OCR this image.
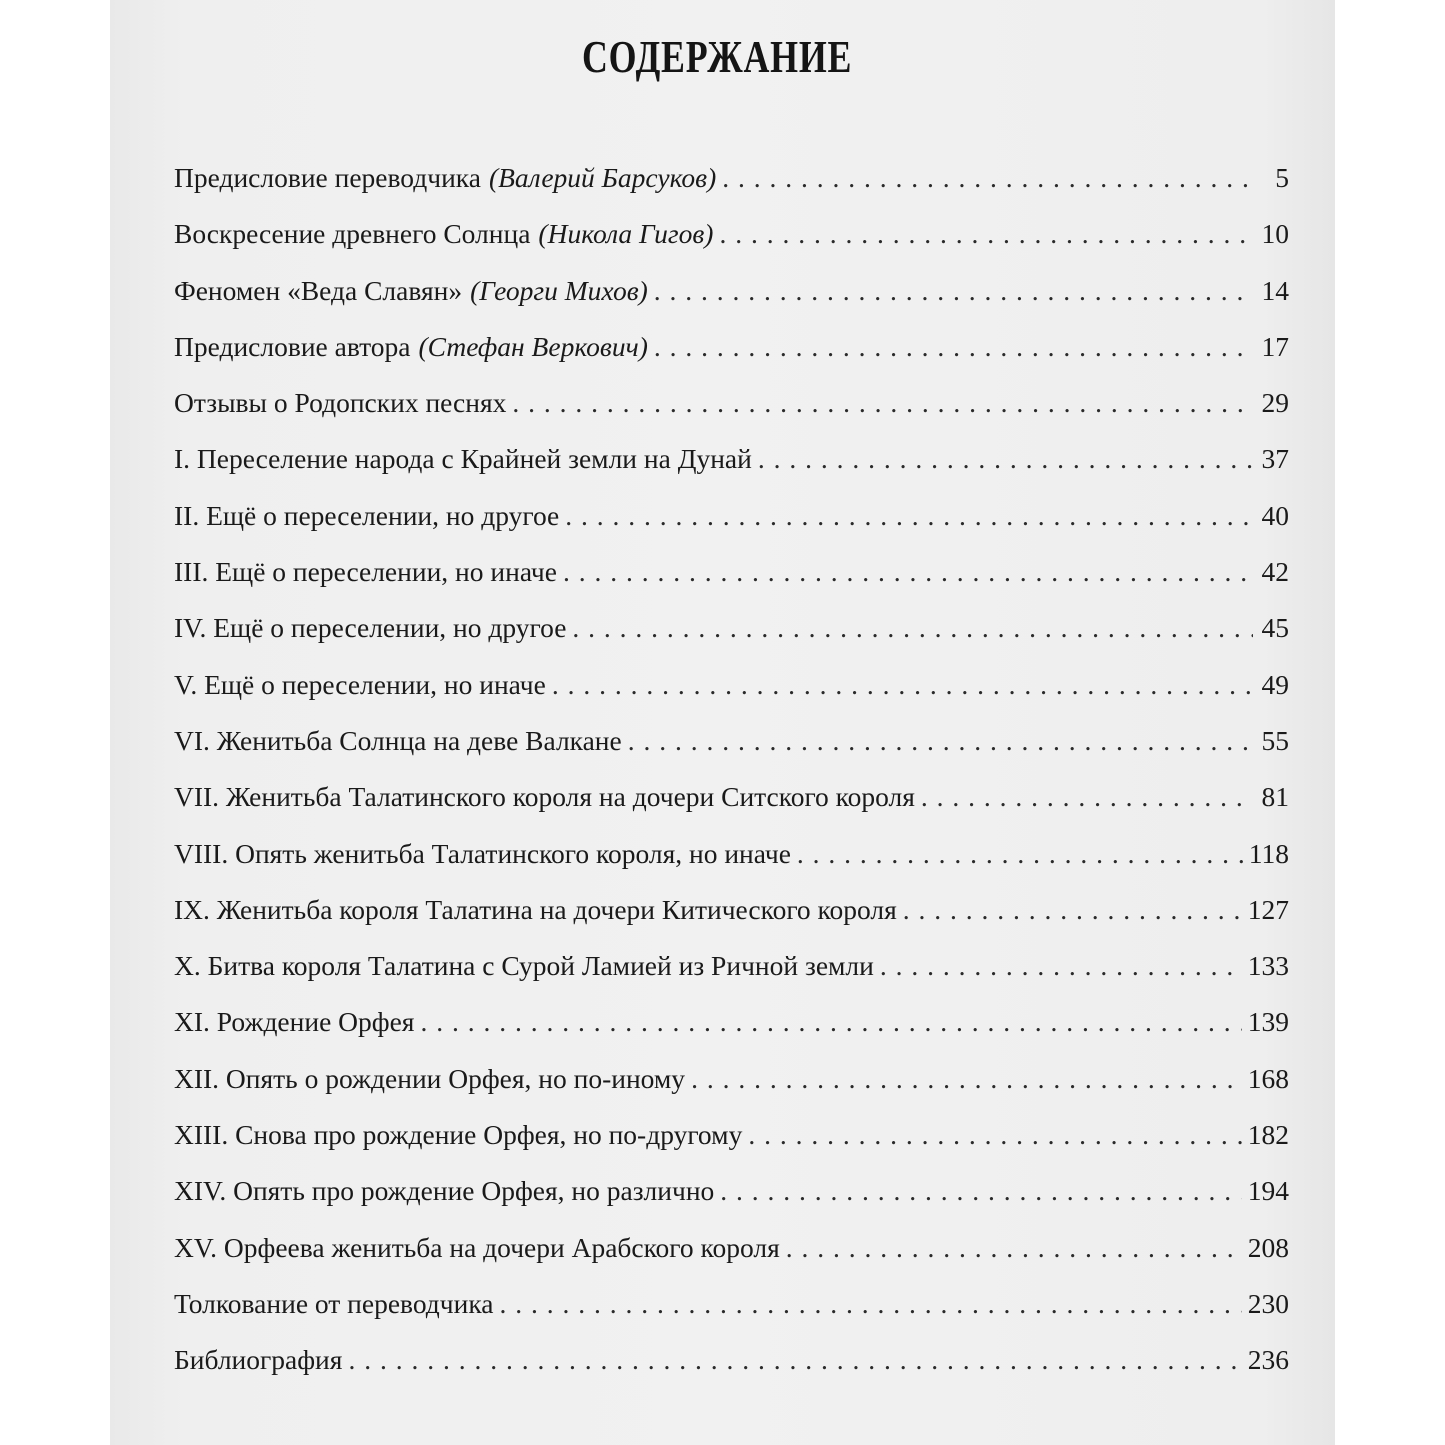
СОДЕРЖАНИЕ
Предисловие переводчика (Валерий Барсуков) . . .	5
Воскресение древнего Солнца (Никола Гигов) . . .	10
Феномен «Веда Славян» (Георги Михов) . . .	14
Предисловие автора (Стефан Веркович) . . .	17
Отзывы о Родопских песнях . . .	29
I. Переселение народа с Крайней земли на Дунай . . .	37
II. Ещё о переселении, но другое . . .	40
III. Ещё о переселении, но иначе . . .	42
IV. Ещё о переселении, но другое . . .	45
V. Ещё о переселении, но иначе . . .	49
VI. Женитьба Солнца на деве Валкане . . .	55
VII. Женитьба Талатинского короля на дочери Ситского короля . . .	81
VIII. Опять женитьба Талатинского короля, но иначе . . .	118
IX. Женитьба короля Талатина на дочери Китического короля . . .	127
X. Битва короля Талатина с Сурой Ламией из Ричной земли . . .	133
XI. Рождение Орфея . . .	139
XII. Опять о рождении Орфея, но по-иному . . .	168
XIII. Снова про рождение Орфея, но по-другому . . .	182
XIV. Опять про рождение Орфея, но различно . . .	194
XV. Орфеева женитьба на дочери Арабского короля . . .	208
Толкование от переводчика . . .	230
Библиография . . .	236
